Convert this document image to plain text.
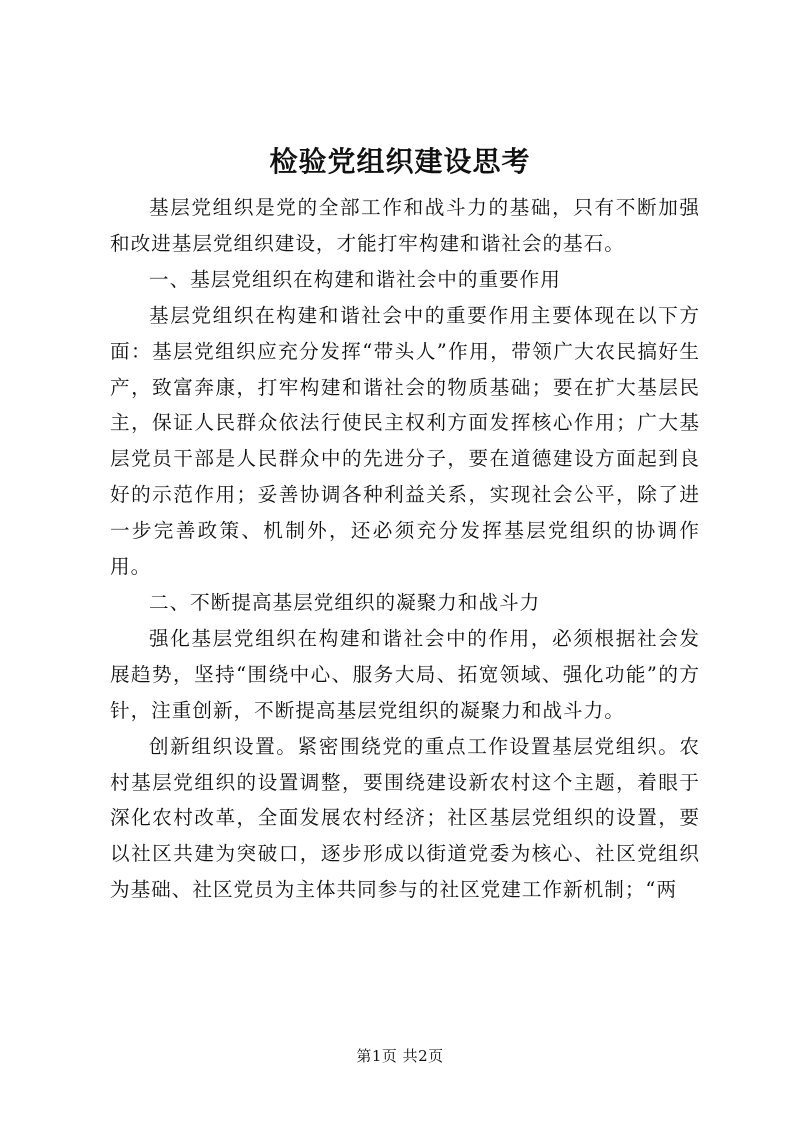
检验党组织建设思考

基层党组织是党的全部工作和战斗力的基础，只有不断加强和改进基层党组织建设，才能打牢构建和谐社会的基石。

一、基层党组织在构建和谐社会中的重要作用

基层党组织在构建和谐社会中的重要作用主要体现在以下方面：基层党组织应充分发挥“带头人”作用，带领广大农民搞好生产，致富奔康，打牢构建和谐社会的物质基础；要在扩大基层民主，保证人民群众依法行使民主权利方面发挥核心作用；广大基层党员干部是人民群众中的先进分子，要在道德建设方面起到良好的示范作用；妥善协调各种利益关系，实现社会公平，除了进一步完善政策、机制外，还必须充分发挥基层党组织的协调作用。

二、不断提高基层党组织的凝聚力和战斗力

强化基层党组织在构建和谐社会中的作用，必须根据社会发展趋势，坚持“围绕中心、服务大局、拓宽领域、强化功能”的方针，注重创新，不断提高基层党组织的凝聚力和战斗力。

创新组织设置。紧密围绕党的重点工作设置基层党组织。农村基层党组织的设置调整，要围绕建设新农村这个主题，着眼于深化农村改革，全面发展农村经济；社区基层党组织的设置，要以社区共建为突破口，逐步形成以街道党委为核心、社区党组织为基础、社区党员为主体共同参与的社区党建工作新机制；“两

第1页 共2页
